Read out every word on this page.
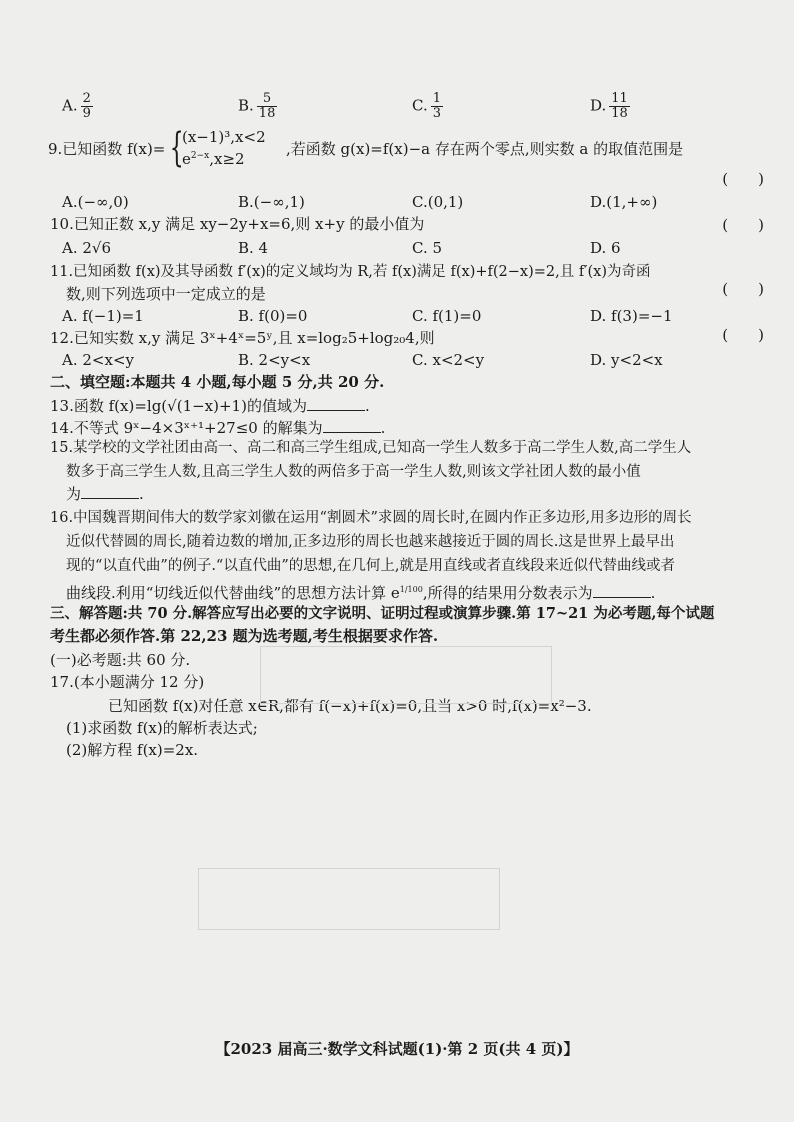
A. $\frac{2}{9}$	B. $\frac{5}{18}$	C. $\frac{1}{3}$	D. $\frac{11}{18}$
9.已知函数 f(x)= {
(x−1)³,x<2
$e^{2-x},x\ge 2$
,若函数 g(x)=f(x)−a 存在两个零点,则实数 a 的取值范围是
(　　)
A.(−∞,0)	B.(−∞,1)	C.(0,1)	D.(1,+∞)
10.已知正数 x,y 满足 xy−2y+x=6,则 x+y 的最小值为	(　　)
A. 2√6	B. 4	C. 5	D. 6
11.已知函数 f(x)及其导函数 f′(x)的定义域均为 R,若 f(x)满足 f(x)+f(2−x)=2,且 f′(x)为奇函
数,则下列选项中一定成立的是	(　　)
A. f(−1)=1	B. f(0)=0	C. f(1)=0	D. f(3)=−1
12.已知实数 x,y 满足 3ˣ+4ˣ=5ʸ,且 x=log₂5+log₂₀4,则	(　　)
A. 2<x<y	B. 2<y<x	C. x<2<y	D. y<2<x
二、填空题:本题共 4 小题,每小题 5 分,共 20 分.
13.函数 f(x)=lg(√(1−x)+1)的值域为	.
14.不等式 9ˣ−4×3ˣ⁺¹+27≤0 的解集为	.
15.某学校的文学社团由高一、高二和高三学生组成,已知高一学生人数多于高二学生人数,高二学生人
数多于高三学生人数,且高三学生人数的两倍多于高一学生人数,则该文学社团人数的最小值
为	.
16.中国魏晋期间伟大的数学家刘徽在运用“割圆术”求圆的周长时,在圆内作正多边形,用多边形的周长
近似代替圆的周长,随着边数的增加,正多边形的周长也越来越接近于圆的周长.这是世界上最早出
现的“以直代曲”的例子.“以直代曲”的思想,在几何上,就是用直线或者直线段来近似代替曲线或者
曲线段.利用“切线近似代替曲线”的思想方法计算 $e^{1/100}$,所得的结果用分数表示为	.
三、解答题:共 70 分.解答应写出必要的文字说明、证明过程或演算步骤.第 17~21 为必考题,每个试题
考生都必须作答.第 22,23 题为选考题,考生根据要求作答.
(一)必考题:共 60 分.
17.(本小题满分 12 分)
已知函数 f(x)对任意 x∈R,都有 f(−x)+f(x)=0,且当 x>0 时,f(x)=x²−3.
(1)求函数 f(x)的解析表达式;
(2)解方程 f(x)=2x.
【2023 届高三·数学文科试题(1)·第 2 页(共 4 页)】
